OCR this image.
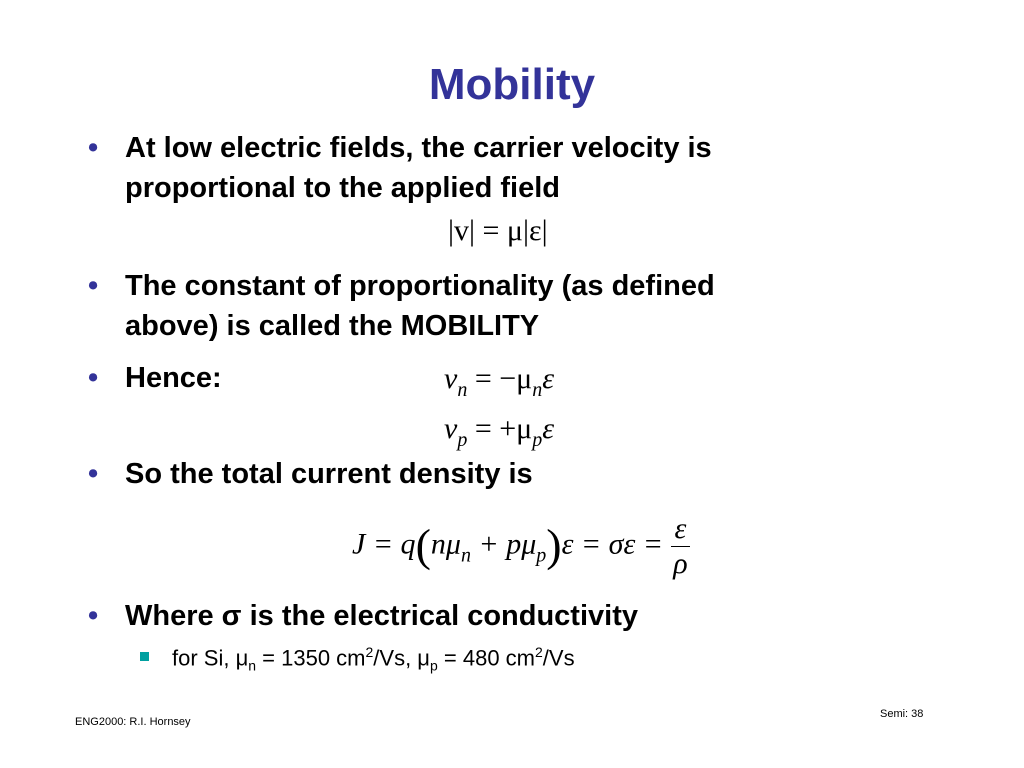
Mobility
• At low electric fields, the carrier velocity is
proportional to the applied field
|v| = μ|ε|
• The constant of proportionality (as defined
above) is called the MOBILITY
• Hence:	$v_n = -\mu_n\varepsilon$
$v_p = +\mu_p\varepsilon$
• So the total current density is
$J = q(n\mu_n + p\mu_p)\varepsilon = \sigma\varepsilon = \frac{\varepsilon}{\rho}$
• Where σ is the electrical conductivity
for Si, $\mu_n = 1350$ $cm^2/Vs$, $\mu_p = 480$ $cm^2/Vs$
ENG2000: R.I. Hornsey
Semi: 38
